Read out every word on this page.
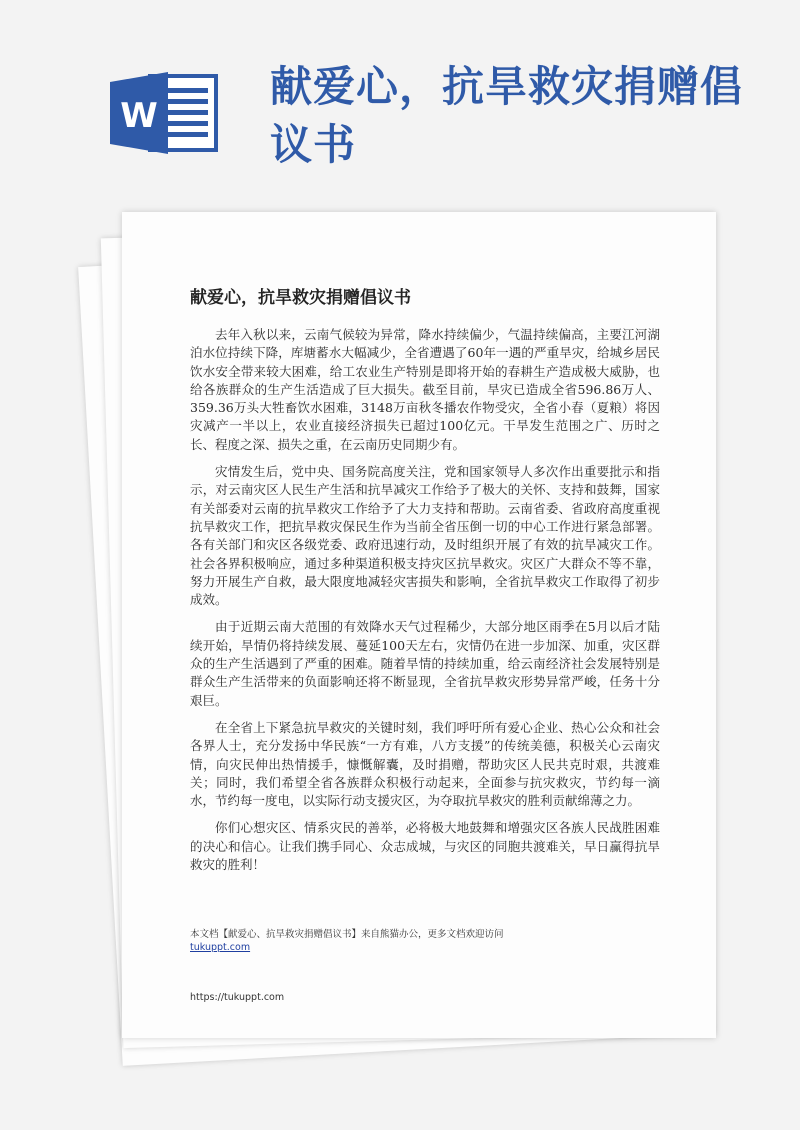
W
献爱心，抗旱救灾捐赠倡议书
献爱心，抗旱救灾捐赠倡议书

去年入秋以来，云南气候较为异常，降水持续偏少，气温持续偏高，主要江河湖泊水位持续下降，库塘蓄水大幅减少，全省遭遇了60年一遇的严重旱灾，给城乡居民饮水安全带来较大困难，给工农业生产特别是即将开始的春耕生产造成极大威胁，也给各族群众的生产生活造成了巨大损失。截至目前，旱灾已造成全省596.86万人、359.36万头大牲畜饮水困难，3148万亩秋冬播农作物受灾，全省小春（夏粮）将因灾减产一半以上，农业直接经济损失已超过100亿元。干旱发生范围之广、历时之长、程度之深、损失之重，在云南历史同期少有。

灾情发生后，党中央、国务院高度关注，党和国家领导人多次作出重要批示和指示，对云南灾区人民生产生活和抗旱减灾工作给予了极大的关怀、支持和鼓舞，国家有关部委对云南的抗旱救灾工作给予了大力支持和帮助。云南省委、省政府高度重视抗旱救灾工作，把抗旱救灾保民生作为当前全省压倒一切的中心工作进行紧急部署。各有关部门和灾区各级党委、政府迅速行动，及时组织开展了有效的抗旱减灾工作。社会各界积极响应，通过多种渠道积极支持灾区抗旱救灾。灾区广大群众不等不靠，努力开展生产自救，最大限度地减轻灾害损失和影响，全省抗旱救灾工作取得了初步成效。

由于近期云南大范围的有效降水天气过程稀少，大部分地区雨季在5月以后才陆续开始，旱情仍将持续发展、蔓延100天左右，灾情仍在进一步加深、加重，灾区群众的生产生活遇到了严重的困难。随着旱情的持续加重，给云南经济社会发展特别是群众生产生活带来的负面影响还将不断显现，全省抗旱救灾形势异常严峻，任务十分艰巨。

在全省上下紧急抗旱救灾的关键时刻，我们呼吁所有爱心企业、热心公众和社会各界人士，充分发扬中华民族“一方有难，八方支援”的传统美德，积极关心云南灾情，向灾民伸出热情援手，慷慨解囊，及时捐赠，帮助灾区人民共克时艰，共渡难关；同时，我们希望全省各族群众积极行动起来，全面参与抗灾救灾，节约每一滴水，节约每一度电，以实际行动支援灾区，为夺取抗旱救灾的胜利贡献绵薄之力。

你们心想灾区、情系灾民的善举，必将极大地鼓舞和增强灾区各族人民战胜困难的决心和信心。让我们携手同心、众志成城，与灾区的同胞共渡难关，早日赢得抗旱救灾的胜利！

本文档【献爱心、抗旱救灾捐赠倡议书】来自熊猫办公，更多文档欢迎访问
tukuppt.com
https://tukuppt.com
